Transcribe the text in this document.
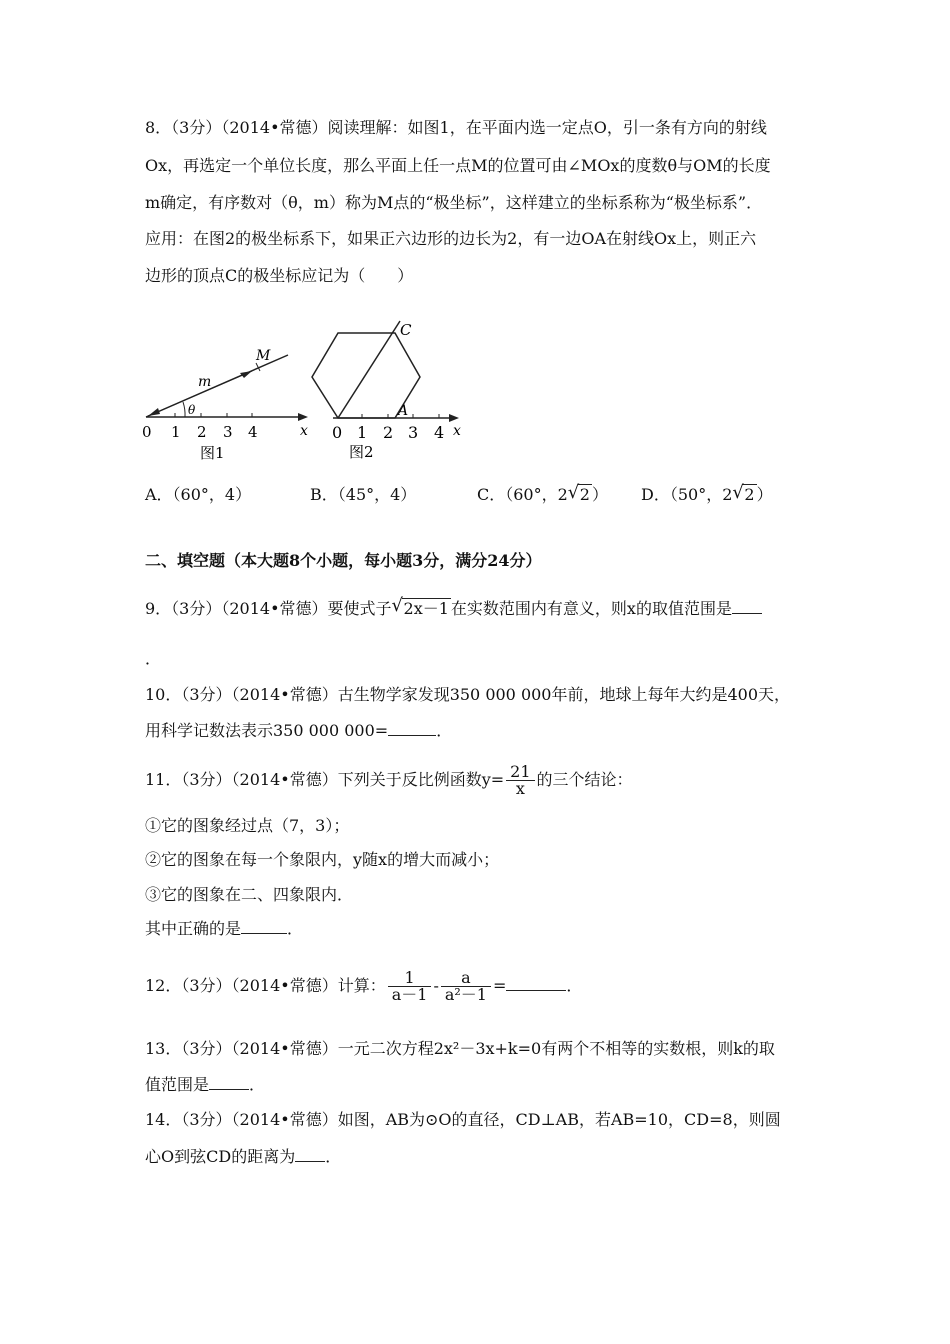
8．（3分）（2014•常德）阅读理解：如图1，在平面内选一定点O，引一条有方向的射线
Ox，再选定一个单位长度，那么平面上任一点M的位置可由∠MOx的度数θ与OM的长度
m确定，有序数对（θ，m）称为M点的“极坐标”，这样建立的坐标系称为“极坐标系”．
应用：在图2的极坐标系下，如果正六边形的边长为2，有一边OA在射线Ox上，则正六
边形的顶点C的极坐标应记为（　　）
M
m
θ
0 1 2 3 4	x
图1
C
A
0 1 2 3 4 x
图2
A．（60°，4）	B．（45°，4）	C．（60°，2 √ 2 ） D．（50°，2 √ 2 ）
二、填空题（本大题8个小题，每小题3分，满分24分）
9．（3分）（2014•常德）要使式子 √ 2x－1 在实数范围内有意义，则x的取值范围是
．
10．（3分）（2014•常德）古生物学家发现350 000 000年前，地球上每年大约是400天，
用科学记数法表示350 000 000=	．
11．（3分）（2014•常德）下列关于反比例函数$y= \frac{21}{x}$ 的三个结论：
①它的图象经过点（7，3）；
②它的图象在每一个象限内，y随x的增大而减小；
③它的图象在二、四象限内．
其中正确的是	．
12．（3分）（2014•常德）计算： $\frac{1}{a-1} - \frac{a}{\text{a²－1}}$ =	．
13．（3分）（2014•常德）一元二次方程2x²－3x+k=0有两个不相等的实数根，则k的取
值范围是	．
14．（3分）（2014•常德）如图，AB为⊙O的直径，CD⊥AB，若AB=10，CD=8，则圆
心O到弦CD的距离为 ．
